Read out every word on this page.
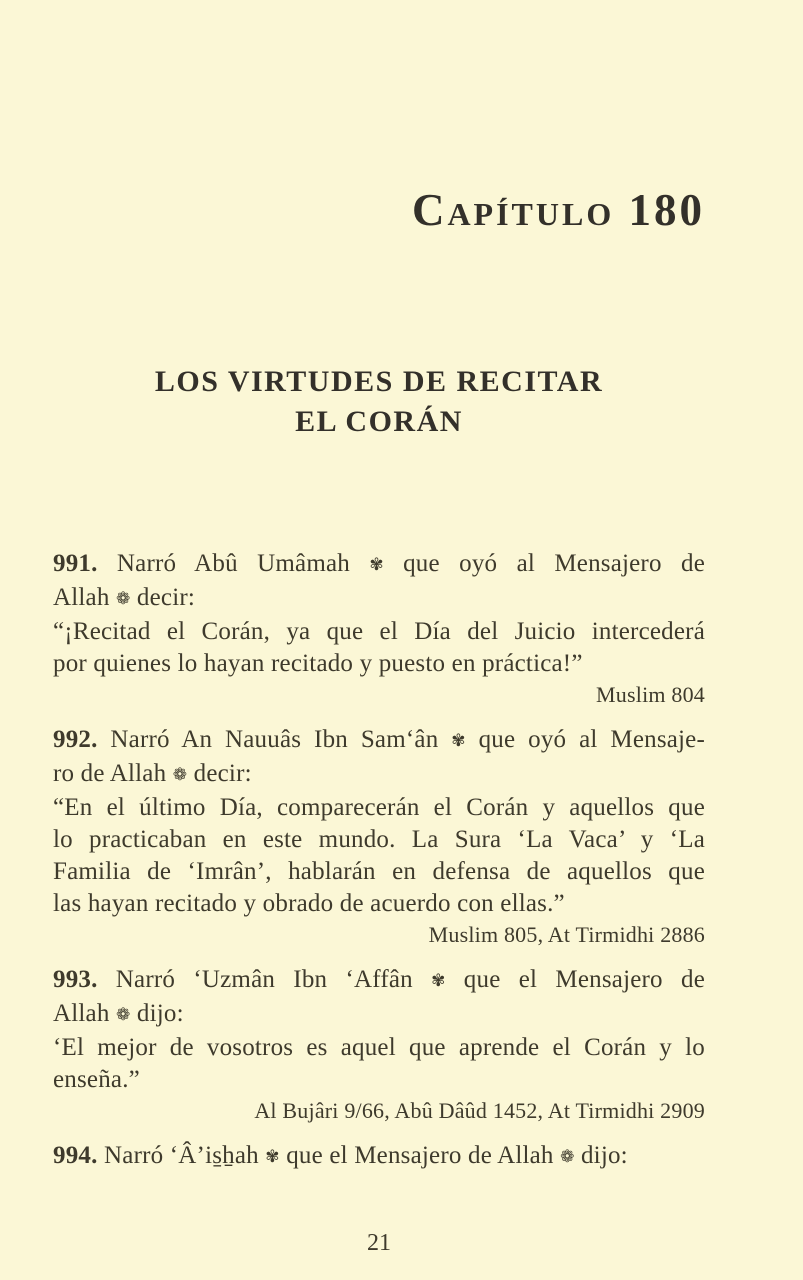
Capítulo 180
LOS VIRTUDES DE RECITAR
EL CORÁN
991. Narró Abû Umâmah ✾ que oyó al Mensajero de
Allah ❁ decir:
“¡Recitad el Corán, ya que el Día del Juicio intercederá
por quienes lo hayan recitado y puesto en práctica!”
Muslim 804
992. Narró An Nauuâs Ibn Sam‘ân ✾ que oyó al Mensaje-
ro de Allah ❁ decir:
“En el último Día, comparecerán el Corán y aquellos que
lo practicaban en este mundo. La Sura ‘La Vaca’ y ‘La
Familia de ‘Imrân’, hablarán en defensa de aquellos que
las hayan recitado y obrado de acuerdo con ellas.”
Muslim 805, At Tirmidhi 2886
993. Narró ‘Uzmân Ibn ‘Affân ✾ que el Mensajero de
Allah ❁ dijo:
‘El mejor de vosotros es aquel que aprende el Corán y lo
enseña.”
Al Bujâri 9/66, Abû Dâûd 1452, At Tirmidhi 2909
994. Narró ‘Â’is̱ẖah ✾ que el Mensajero de Allah ❁ dijo:
21
